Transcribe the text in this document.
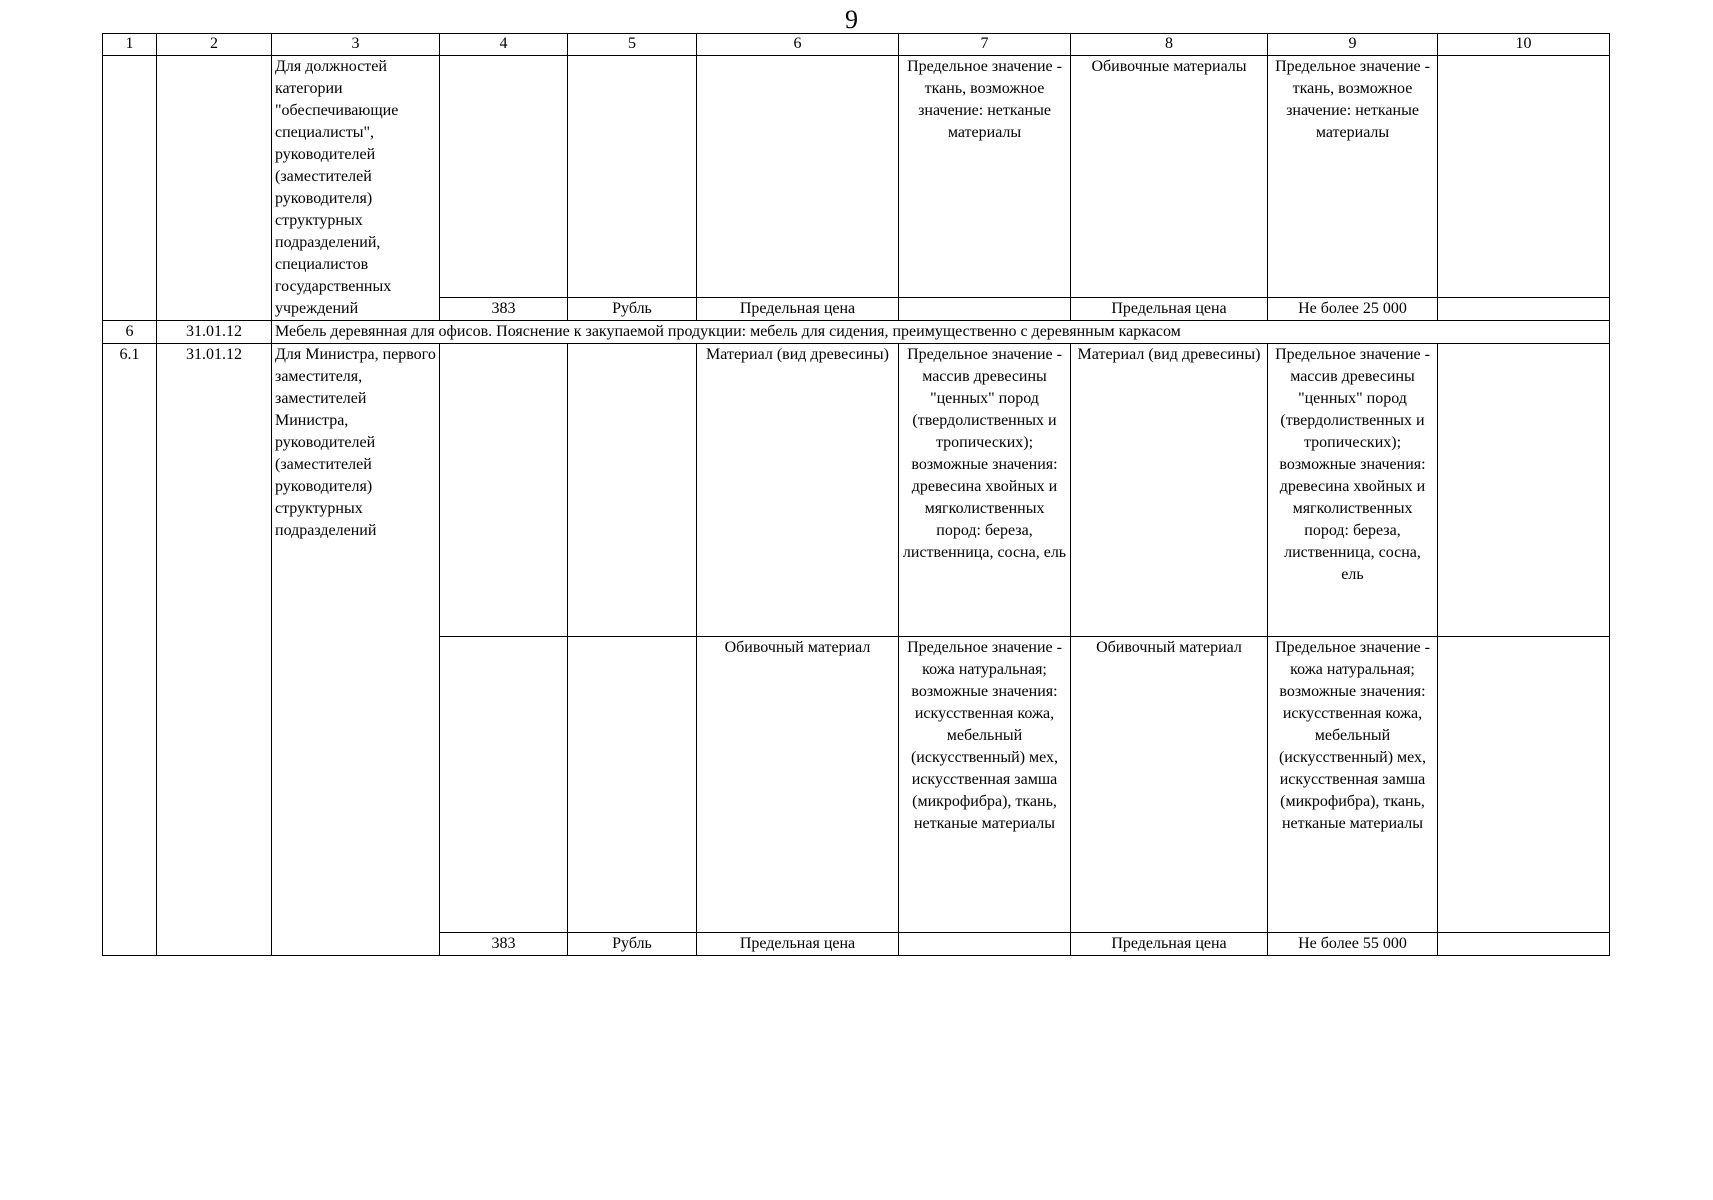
9
1	2	3	4	5	6	7	8	9	10
		Для должностей категории "обеспечивающие специалисты", руководителей (заместителей руководителя) структурных подразделений, специалистов государственных учреждений				Предельное значение - ткань, возможное значение: нетканые материалы	Обивочные материалы	Предельное значение - ткань, возможное значение: нетканые материалы	
			383	Рубль	Предельная цена		Предельная цена	Не более 25 000	
6	31.01.12	Мебель деревянная для офисов. Пояснение к закупаемой продукции: мебель для сидения, преимущественно с деревянным каркасом							
6.1	31.01.12	Для Министра, первого заместителя, заместителей Министра, руководителей (заместителей руководителя) структурных подразделений			Материал (вид древесины)	Предельное значение - массив древесины "ценных" пород (твердолиственных и тропических); возможные значения: древесина хвойных и мягколиственных пород: береза, лиственница, сосна, ель	Материал (вид древесины)	Предельное значение - массив древесины "ценных" пород (твердолиственных и тропических); возможные значения: древесина хвойных и мягколиственных пород: береза, лиственница, сосна, ель	
					Обивочный материал	Предельное значение - кожа натуральная; возможные значения: искусственная кожа, мебельный (искусственный) мех, искусственная замша (микрофибра), ткань, нетканые материалы	Обивочный материал	Предельное значение - кожа натуральная; возможные значения: искусственная кожа, мебельный (искусственный) мех, искусственная замша (микрофибра), ткань, нетканые материалы	
			383	Рубль	Предельная цена		Предельная цена	Не более 55 000	
